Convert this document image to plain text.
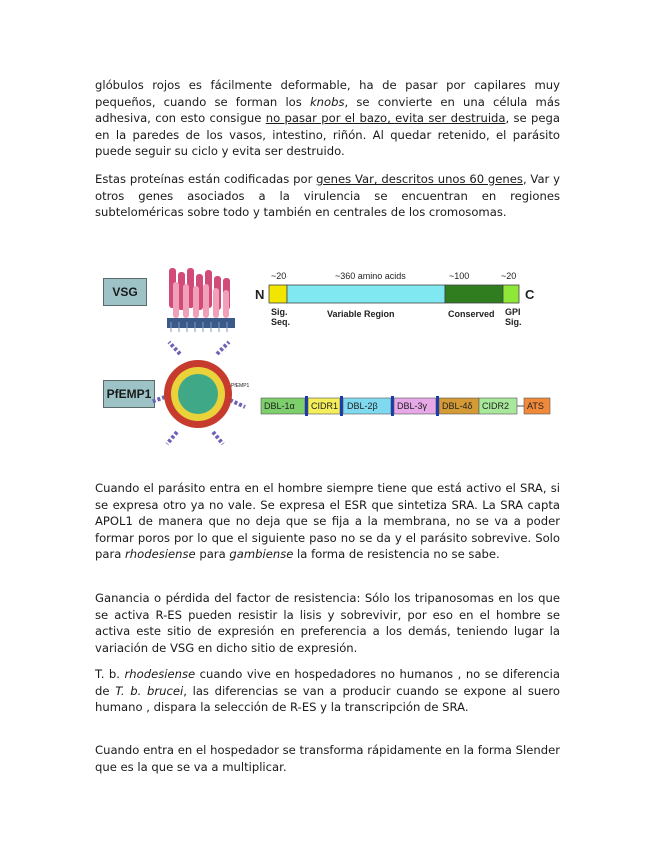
glóbulos rojos es fácilmente deformable, ha de pasar por capilares muy pequeños, cuando se forman los knobs, se convierte en una célula más adhesiva, con esto consigue no pasar por el bazo, evita ser destruida, se pega en la paredes de los vasos, intestino, riñón. Al quedar retenido, el parásito puede seguir su ciclo y evita ser destruido.
Estas proteínas están codificadas por genes Var, descritos unos 60 genes, Var y otros genes asociados a la virulencia se encuentran en regiones subteloméricas sobre todo y también en centrales de los cromosomas.
VSG
PfEMP1
~20	~360 amino acids	~100	~20
N	C
Sig.
Seq.
Variable Region	Conserved GPI
Sig.
PfEMP1
DBL-1α CIDR1 DBL-2β DBL-3γ DBL-4δ CIDR2 ATS
Cuando el parásito entra en el hombre siempre tiene que está activo el SRA, si se expresa otro ya no vale. Se expresa el ESR que sintetiza SRA. La SRA capta APOL1 de manera que no deja que se fija a la membrana, no se va a poder formar poros por lo que el siguiente paso no se da y el parásito sobrevive. Solo para rhodesiense para gambiense la forma de resistencia no se sabe.
Ganancia o pérdida del factor de resistencia: Sólo los tripanosomas en los que se activa R-ES pueden resistir la lisis y sobrevivir, por eso en el hombre se activa este sitio de expresión en preferencia a los demás, teniendo lugar la variación de VSG en dicho sitio de expresión.
T. b. rhodesiense cuando vive en hospedadores no humanos , no se diferencia de T. b. brucei, las diferencias se van a producir cuando se expone al suero humano , dispara la selección de R-ES y la transcripción de SRA.
Cuando entra en el hospedador se transforma rápidamente en la forma Slender que es la que se va a multiplicar.
